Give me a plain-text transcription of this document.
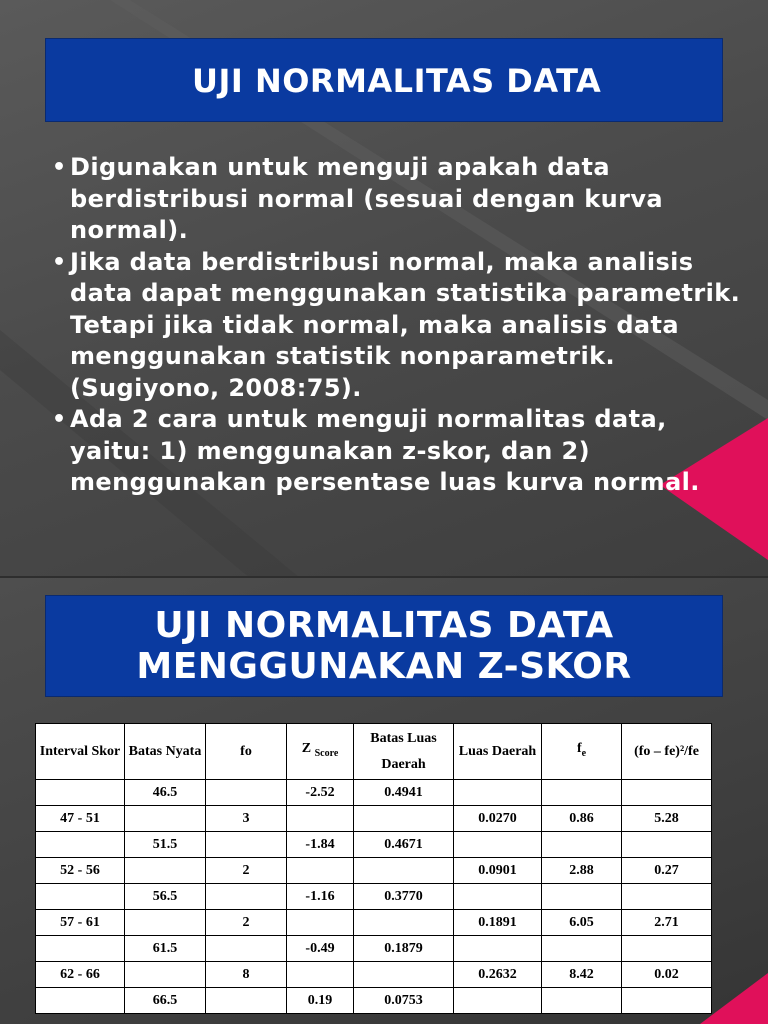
UJI NORMALITAS DATA
• Digunakan untuk menguji apakah data berdistribusi normal (sesuai dengan kurva normal).
• Jika data berdistribusi normal, maka analisis data dapat menggunakan statistika parametrik. Tetapi jika tidak normal, maka analisis data menggunakan statistik nonparametrik. (Sugiyono, 2008:75).
• Ada 2 cara untuk menguji normalitas data, yaitu: 1) menggunakan z-skor, dan 2) menggunakan persentase luas kurva normal.
UJI NORMALITAS DATA MENGGUNAKAN Z-SKOR
Interval Skor	Batas Nyata	fo	Z $_{Score}$	Batas Luas Daerah	Luas Daerah	$f_e$	(fo – fe)²/fe
	46.5		-2.52	0.4941			
47 - 51		3			0.0270	0.86	5.28
	51.5		-1.84	0.4671			
52 - 56		2			0.0901	2.88	0.27
	56.5		-1.16	0.3770			
57 - 61		2			0.1891	6.05	2.71
	61.5		-0.49	0.1879			
62 - 66		8			0.2632	8.42	0.02
	66.5		0.19	0.0753			
